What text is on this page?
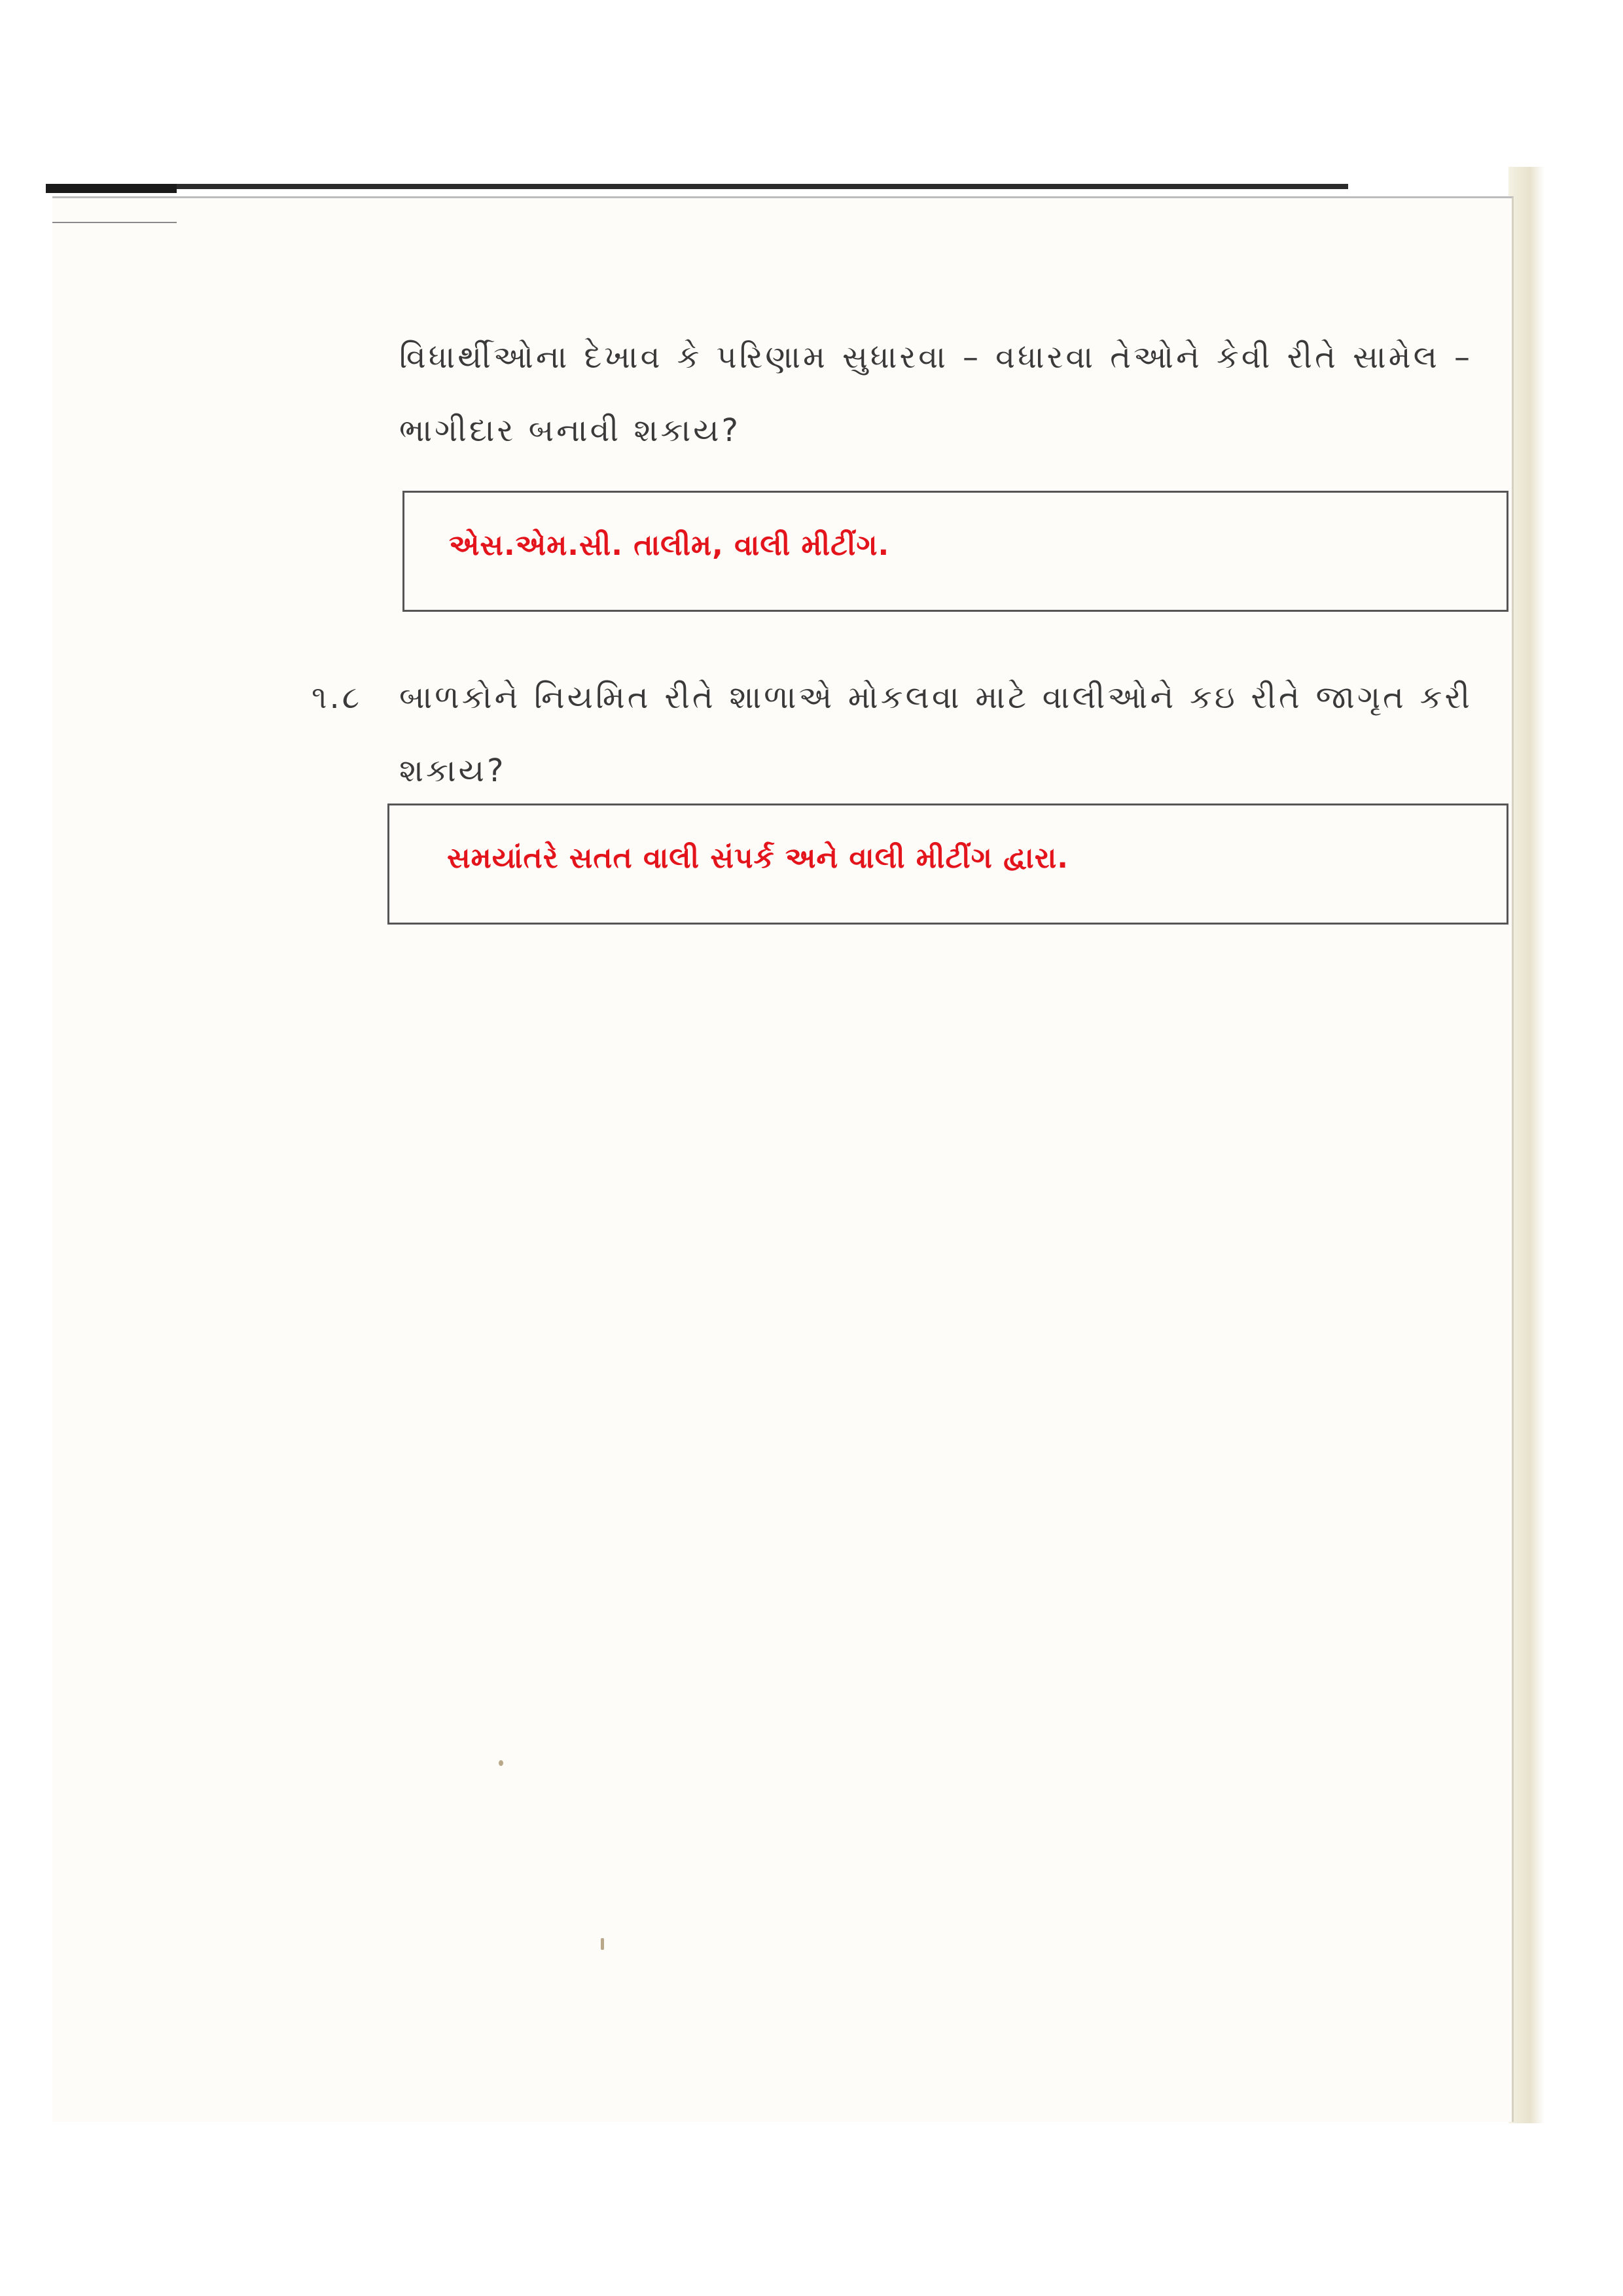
વિધાર્થીઓના દેખાવ કે પરિણામ સુધારવા – વધારવા તેઓને કેવી રીતે સામેલ – ભાગીદાર બનાવી શકાય?
એસ.એમ.સી. તાલીમ, વાલી મીટીંગ.
૧.૮ બાળકોને નિયમિત રીતે શાળાએ મોકલવા માટે વાલીઓને કઇ રીતે જાગૃત કરી શકાય?
સમયાંતરે સતત વાલી સંપર્ક અને વાલી મીટીંગ દ્વારા.
